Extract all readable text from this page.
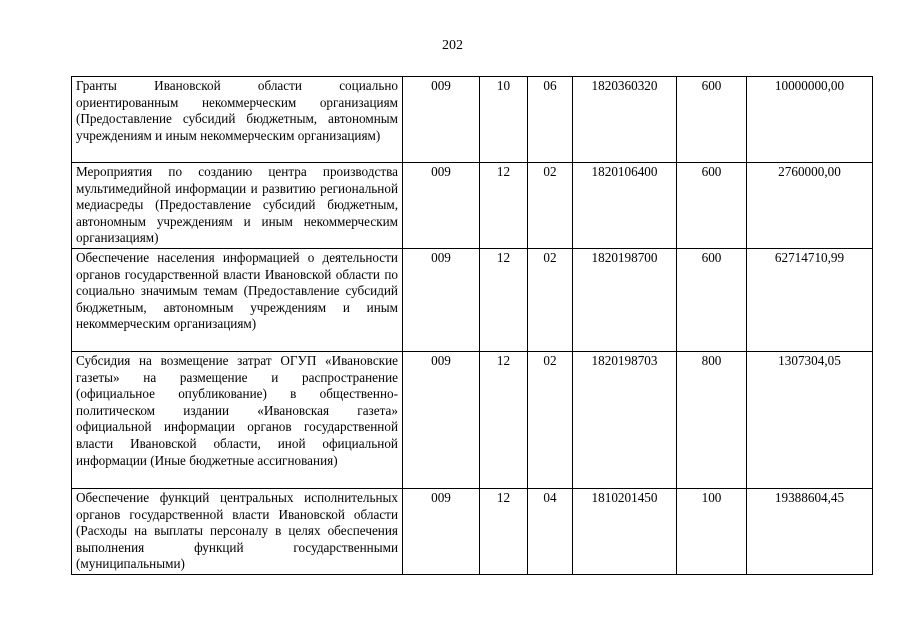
202
Гранты Ивановской области социально ориентированным некоммерческим организациям (Предоставление субсидий бюджетным, автономным учреждениям и иным некоммерческим организациям)	009	10	06	1820360320	600	10000000,00
Мероприятия по созданию центра производства мультимедийной информации и развитию региональной медиасреды (Предоставление субсидий бюджетным, автономным учреждениям и иным некоммерческим организациям)	009	12	02	1820106400	600	2760000,00
Обеспечение населения информацией о деятельности органов государственной власти Ивановской области по социально значимым темам (Предоставление субсидий бюджетным, автономным учреждениям и иным некоммерческим организациям)	009	12	02	1820198700	600	62714710,99
Субсидия на возмещение затрат ОГУП «Ивановские газеты» на размещение и распространение (официальное опубликование) в общественно-политическом издании «Ивановская газета» официальной информации органов государственной власти Ивановской области, иной официальной информации (Иные бюджетные ассигнования)	009	12	02	1820198703	800	1307304,05
Обеспечение функций центральных исполнительных органов государственной власти Ивановской области (Расходы на выплаты персоналу в целях обеспечения выполнения функций государственными (муниципальными)	009	12	04	1810201450	100	19388604,45
